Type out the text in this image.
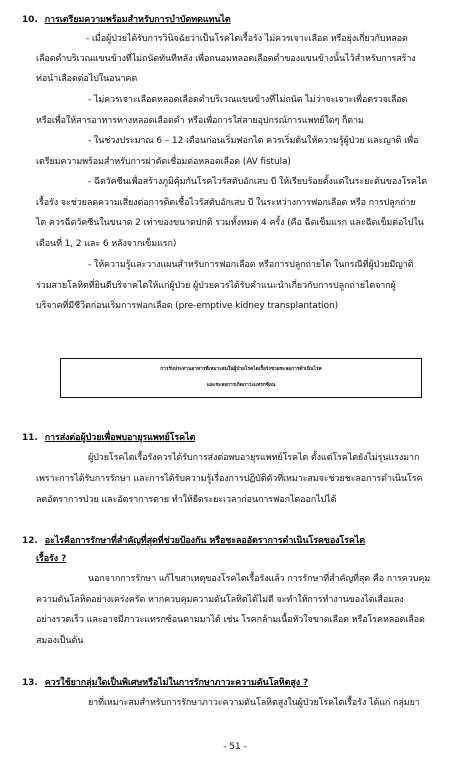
10. การเตรียมความพร้อมสำหรับการบำบัดทดแทนไต
- เมื่อผู้ป่วยได้รับการวินิจฉัยว่าเป็นโรคไตเรื้อรัง ไม่ควรเจาะเลือด หรือยุ่งเกี่ยวกับหลอด
เลือดดำบริเวณแขนข้างที่ไม่ถนัดทันทีหลัง เพื่อถนอมหลอดเลือดดำของแขนข้างนั้นไว้สำหรับการสร้าง
ท่อนำเลือดต่อไปในอนาคต
- ไม่ควรเจาะเลือดหลอดเลือดดำบริเวณแขนข้างที่ไม่ถนัด ไม่ว่าจะเจาะเพื่อตรวจเลือด
หรือเพื่อให้สารอาหารทางหลอดเลือดดำ หรือเพื่อการใส่สายอุปกรณ์การแพทย์ใดๆ ก็ตาม
- ในช่วงประมาณ 6 – 12 เดือนก่อนเริ่มฟอกไต ควรเริ่มต้นให้ความรู้ผู้ป่วย และญาติ เพื่อ
เตรียมความพร้อมสำหรับการผ่าตัดเชื่อมต่อหลอดเลือด (AV fistula)
- ฉีดวัคซีนเพื่อสร้างภูมิคุ้มกันโรคไวรัสตับอักเสบ บี ให้เรียบร้อยตั้งแต่ในระยะต้นของโรคไต
เรื้อรัง จะช่วยลดความเสี่ยงต่อการติดเชื้อไวรัสตับอักเสบ บี ในระหว่างการฟอกเลือด หรือ การปลูกถ่าย
ไต ควรฉีดวัคซีนในขนาด 2 เท่าของขนาดปกติ รวมทั้งหมด 4 ครั้ง (คือ ฉีดเข็มแรก และฉีดเข็มต่อไปใน
เดือนที่ 1, 2 และ 6 หลังจากเข็มแรก)
- ให้ความรู้และวางแผนสำหรับการฟอกเลือด หรือการปลูกถ่ายไต ในกรณีที่ผู้ป่วยมีญาติ
ร่วมสายโลหิตที่ยินดีบริจาคไตให้แก่ผู้ป่วย ผู้ป่วยควรได้รับคำแนะนำเกี่ยวกับการปลูกถ่ายไตจากผู้
บริจาคที่มีชีวิตก่อนเริ่มการฟอกเลือด (pre-emptive kidney transplantation)
การรับประทานอาหารที่เหมาะสมในผู้ป่วยโรคไตเรื้อรังช่วยชะลอการดำเนินโรค
และชะลอการเกิดภาวะแทรกซ้อน
11. การส่งต่อผู้ป่วยเพื่อพบอายุรแพทย์โรคไต
ผู้ป่วยโรคไตเรื้อรังควรได้รับการส่งต่อพบอายุรแพทย์โรคไต ตั้งแต่โรคไตยังไม่รุนแรงมาก
เพราะการได้รับการรักษา และการได้รับความรู้เรื่องการปฏิบัติตัวที่เหมาะสมจะช่วยชะลอการดำเนินโรค
ลดอัตราการป่วย และอัตราการตาย ทำให้ยืดระยะเวลาก่อนการฟอกไตออกไปได้
12. อะไรคือการรักษาที่สำคัญที่สุดที่ช่วยป้องกัน หรือชะลออัตราการดำเนินโรคของโรคไต
เรื้อรัง ?
นอกจากการรักษา แก้ไขสาเหตุของโรคไตเรื้อรังแล้ว การรักษาที่สำคัญที่สุด คือ การควบคุม
ความดันโลหิตอย่างเคร่งครัด หากควบคุมความดันโลหิตได้ไม่ดี จะทำให้การทำงานของไตเสื่อมลง
อย่างรวดเร็ว และอาจมีภาวะแทรกซ้อนตามมาได้ เช่น โรคกล้ามเนื้อหัวใจขาดเลือด หรือโรคหลอดเลือด
สมองเป็นต้น
13. ควรใช้ยากลุ่มใดเป็นพิเศษหรือไม่ในการรักษาภาวะความดันโลหิตสูง ?
ยาที่เหมาะสมสำหรับการรักษาภาวะความดันโลหิตสูงในผู้ป่วยโรคไตเรื้อรัง ได้แก่ กลุ่มยา
- 51 -
